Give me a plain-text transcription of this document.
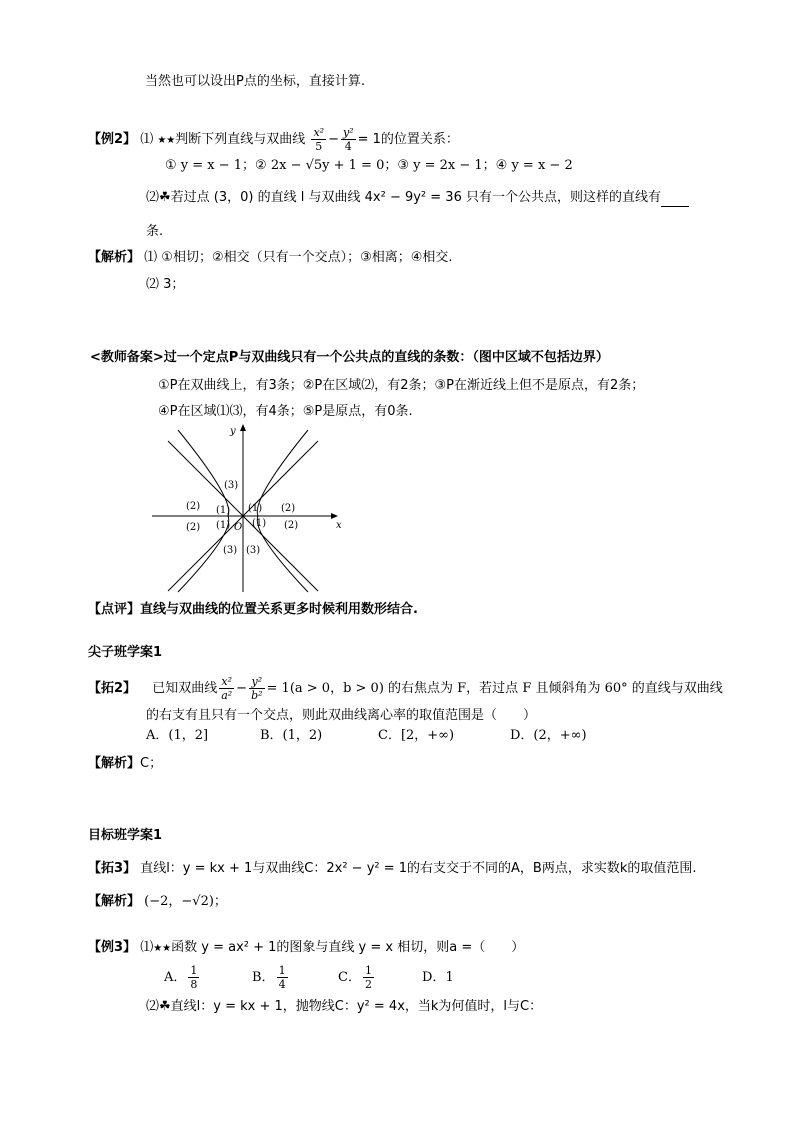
当然也可以设出P点的坐标，直接计算.
【例2】 ⑴ ★★判断下列直线与双曲线 $\frac{\text{x²}}{5} - \frac{\text{y²}}{4} = 1$的位置关系：
① y = x − 1；② 2x − √5y + 1 = 0；③ y = 2x − 1；④ y = x − 2
⑵☘若过点 (3，0) 的直线 l 与双曲线 4x² − 9y² = 36 只有一个公共点，则这样的直线有
条.
【解析】 ⑴ ①相切；②相交（只有一个交点）；③相离；④相交.
⑵ 3；
<教师备案>过一个定点P与双曲线只有一个公共点的直线的条数：（图中区域不包括边界）
①P在双曲线上，有3条；②P在区域⑵，有2条；③P在渐近线上但不是原点，有2条；
④P在区域⑴⑶，有4条；⑤P是原点，有0条.
x
y
O
(3)
(2) (1) (1) (2)
(2) (1) (1) (2)
(3) (3)
【点评】直线与双曲线的位置关系更多时候利用数形结合.
尖子班学案1
【拓2】 已知双曲线 $\frac{\text{x²}}{\text{a²}} - \frac{\text{y²}}{\text{b²}} = 1(a > 0$，b > 0) 的右焦点为 F，若过点 F 且倾斜角为 60° 的直线与双曲线
的右支有且只有一个交点，则此双曲线离心率的取值范围是（　　）
A．(1，2]	B．(1，2)	C．[2，+∞)	D．(2，+∞)
【解析】C；
目标班学案1
【拓3】 直线l：y = kx + 1与双曲线C：2x² − y² = 1的右支交于不同的A，B两点，求实数k的取值范围.
【解析】 (−2，−√2)；
【例3】 ⑴★★函数 y = ax² + 1的图象与直线 y = x 相切，则a =（　　）
A． $\frac{1}{8}$	B． $\frac{1}{4}$	C． $\frac{1}{2}$	D．1
⑵☘直线l：y = kx + 1，抛物线C：y² = 4x，当k为何值时，l与C：
